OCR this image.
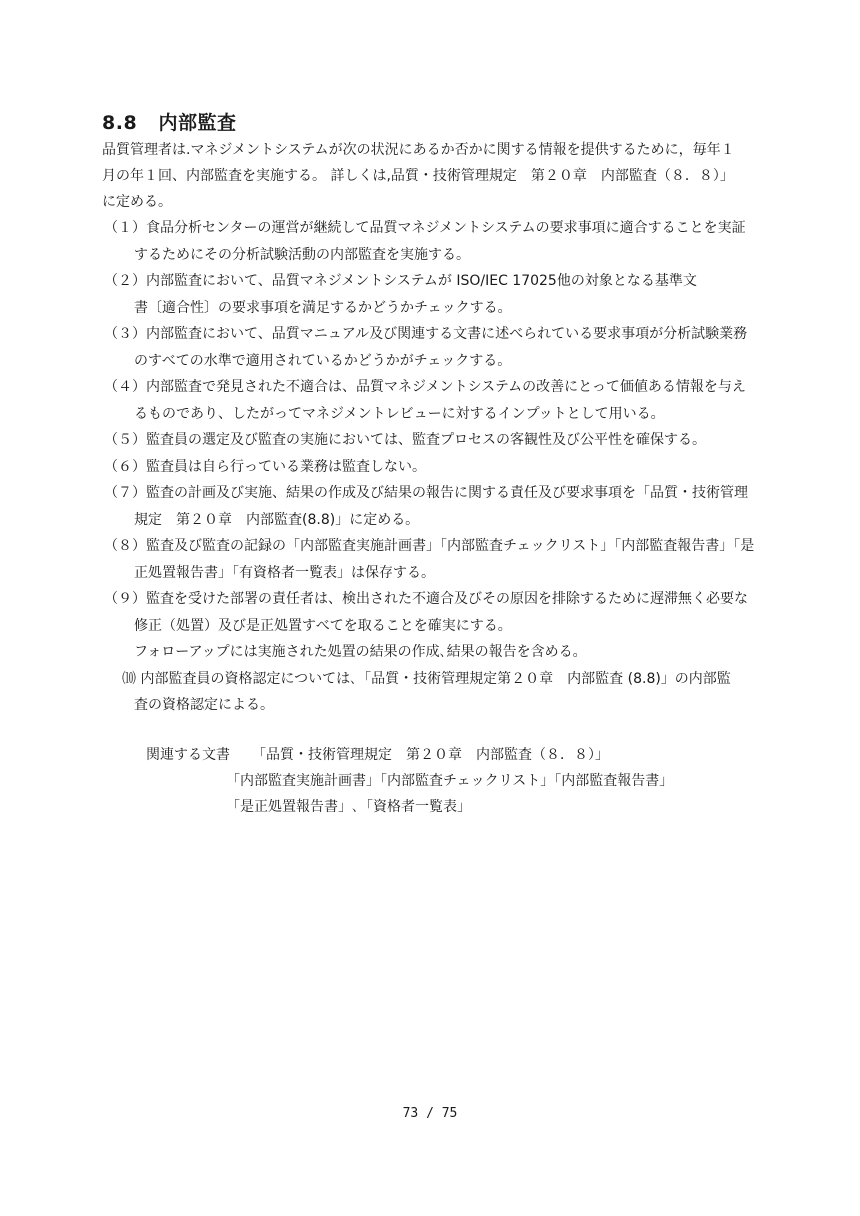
8.8 内部監査
品質管理者は.マネジメントシステムが次の状況にあるか否かに関する情報を提供するために，毎年１
月の年１回、内部監査を実施する。 詳しくは,品質・技術管理規定　第２０章　内部監査（８．８）」
に定める。
（１）食品分析センターの運営が継続して品質マネジメントシステムの要求事項に適合することを実証
するためにその分析試験活動の内部監査を実施する。
（２）内部監査において、品質マネジメントシステムが ISO/IEC 17025他の対象となる基準文
書〔適合性〕の要求事項を満足するかどうかチェックする。
（３）内部監査において、品質マニュアル及び関連する文書に述べられている要求事項が分析試験業務
のすべての水準で適用されているかどうかがチェックする。
（４）内部監査で発見された不適合は、品質マネジメントシステムの改善にとって価値ある情報を与え
るものであり、したがってマネジメントレビューに対するインプットとして用いる。
（５）監査員の選定及び監査の実施においては、監査プロセスの客観性及び公平性を確保する。
（６）監査員は自ら行っている業務は監査しない。
（７）監査の計画及び実施、結果の作成及び結果の報告に関する責任及び要求事項を「品質・技術管理
規定　第２０章　内部監査(8.8)」に定める。
（８）監査及び監査の記録の「内部監査実施計画書」「内部監査チェックリスト」「内部監査報告書」「是
正処置報告書」「有資格者一覧表」は保存する。
（９）監査を受けた部署の責任者は、検出された不適合及びその原因を排除するために遅滞無く必要な
修正（処置）及び是正処置すべてを取ることを確実にする。
フォローアップには実施された処置の結果の作成､結果の報告を含める。
⑽ 内部監査員の資格認定については､「品質・技術管理規定第２０章　内部監査 (8.8)」の内部監
査の資格認定による。
関連する文書 「品質・技術管理規定　第２０章　内部監査（８．８）」
「内部監査実施計画書」「内部監査チェックリスト」「内部監査報告書」
「是正処置報告書」､「資格者一覧表」
73 / 75
